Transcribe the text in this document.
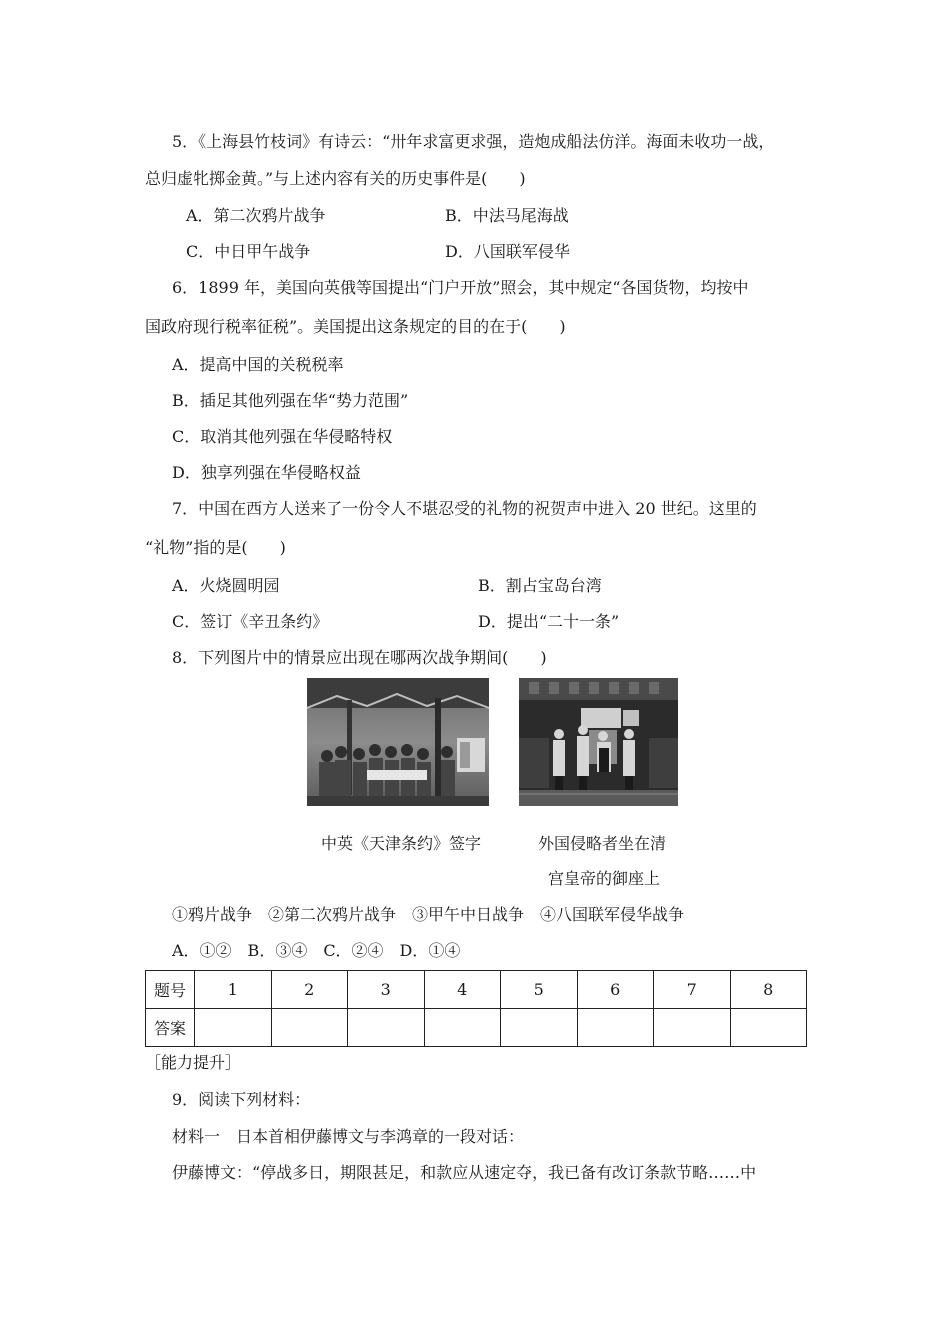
5．《上海县竹枝词》有诗云：“卅年求富更求强，造炮成船法仿洋。海面未收功一战，
总归虚牝掷金黄。”与上述内容有关的历史事件是(　　)
A．第二次鸦片战争	B．中法马尾海战
C．中日甲午战争	D．八国联军侵华
6．1899 年，美国向英俄等国提出“门户开放”照会，其中规定“各国货物，均按中
国政府现行税率征税”。美国提出这条规定的目的在于(　　)
A．提高中国的关税税率
B．插足其他列强在华“势力范围”
C．取消其他列强在华侵略特权
D．独享列强在华侵略权益
7．中国在西方人送来了一份令人不堪忍受的礼物的祝贺声中进入 20 世纪。这里的
“礼物”指的是(　　)
A．火烧圆明园	B．割占宝岛台湾
C．签订《辛丑条约》	D．提出“二十一条”
8．下列图片中的情景应出现在哪两次战争期间(　　)
中英《天津条约》签字	外国侵略者坐在清
宫皇帝的御座上
①鸦片战争　②第二次鸦片战争　③甲午中日战争　④八国联军侵华战争
A．①②　B．③④　C．②④　D．①④
题号	1	2	3	4	5	6	7	8
答案								
［能力提升］
9．阅读下列材料：
材料一　日本首相伊藤博文与李鸿章的一段对话：
伊藤博文：“停战多日，期限甚足，和款应从速定夺，我已备有改订条款节略……中
